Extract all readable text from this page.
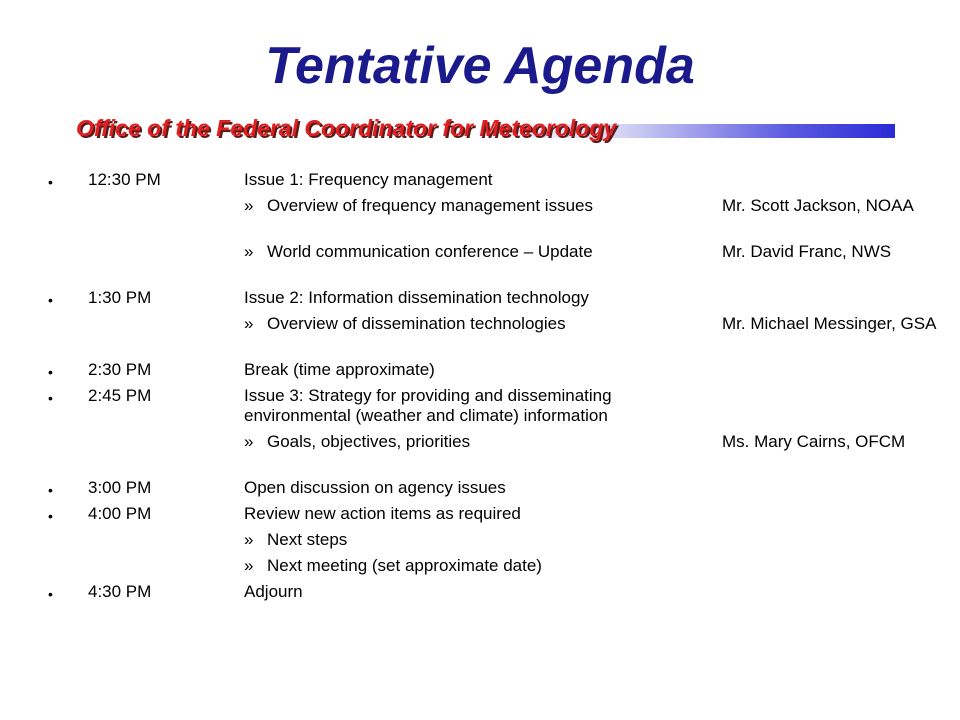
Tentative Agenda
Office of the Federal Coordinator for Meteorology
• 12:30 PM	Issue 1: Frequency management
» Overview of frequency management issues	Mr. Scott Jackson, NOAA
» World communication conference – Update	Mr. David Franc, NWS
• 1:30 PM	Issue 2: Information dissemination technology
» Overview of dissemination technologies	Mr. Michael Messinger, GSA
• 2:30 PM	Break (time approximate)
• 2:45 PM	Issue 3: Strategy for providing and disseminating environmental (weather and climate) information
» Goals, objectives, priorities	Ms. Mary Cairns, OFCM
• 3:00 PM	Open discussion on agency issues
• 4:00 PM	Review new action items as required
» Next steps
» Next meeting (set approximate date)
• 4:30 PM	Adjourn
